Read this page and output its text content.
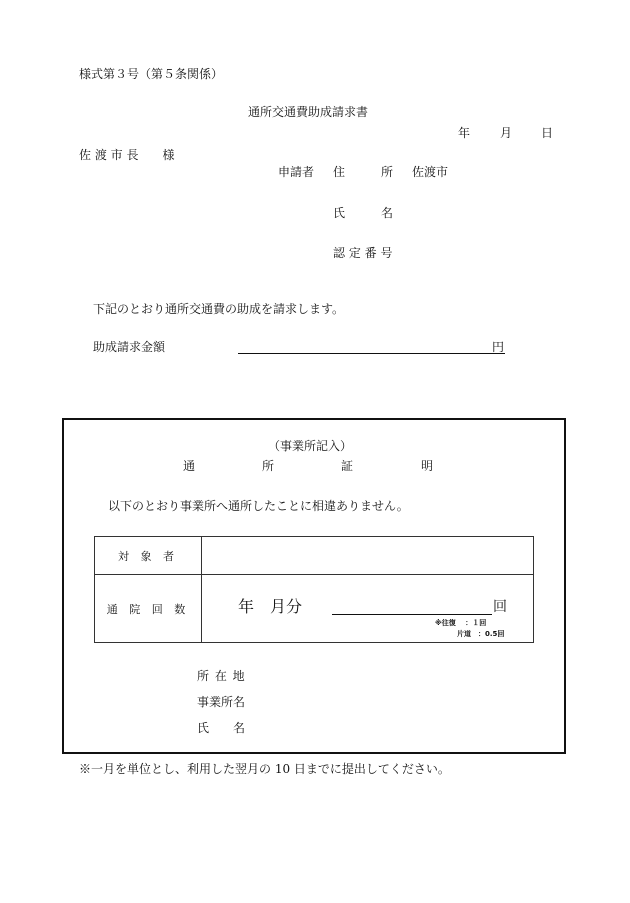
様式第３号（第５条関係）
通所交通費助成請求書
年 月 日
佐 渡 市 長　　様
申請者 住　　　所 佐渡市
氏　　　名
認 定 番 号
下記のとおり通所交通費の助成を請求します。
助成請求金額	円
（事業所記入）
通	所	証	明
以下のとおり事業所へ通所したことに相違ありません。
対 象 者	
通 院 回 数	年　月分 回
※往復　 ：１回
片道　：0.5回
所 在 地
事業所名
氏　　名
※一月を単位とし、利用した翌月の 10 日までに提出してください。
